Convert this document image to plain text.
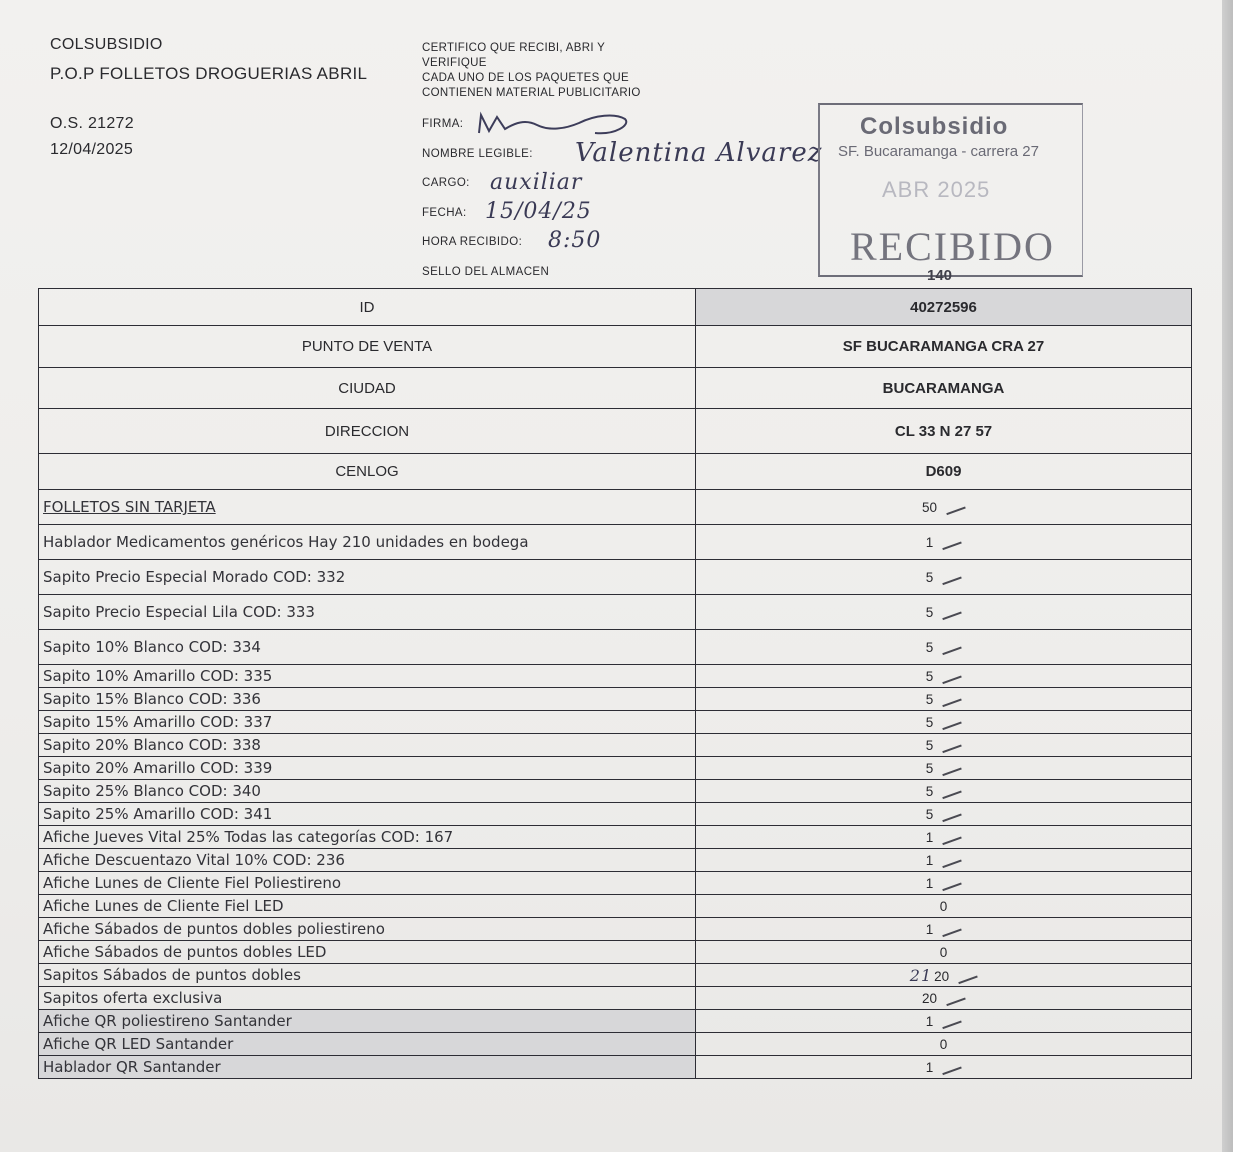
COLSUBSIDIO
P.O.P FOLLETOS DROGUERIAS ABRIL
O.S. 21272
12/04/2025
CERTIFICO QUE RECIBI, ABRI Y
VERIFIQUE
CADA UNO DE LOS PAQUETES QUE
CONTIENEN MATERIAL PUBLICITARIO
FIRMA:
NOMBRE LEGIBLE: Valentina Alvarez
CARGO: auxiliar
FECHA: 15/04/25
HORA RECIBIDO: 8:50
SELLO DEL ALMACEN
Colsubsidio
SF. Bucaramanga - carrera 27
ABR 2025
RECIBIDO
140
ID	40272596
PUNTO DE VENTA	SF BUCARAMANGA CRA 27
CIUDAD	BUCARAMANGA
DIRECCION	CL 33 N 27 57
CENLOG	D609
FOLLETOS SIN TARJETA	50
Hablador Medicamentos genéricos Hay 210 unidades en bodega	1
Sapito Precio Especial Morado COD: 332	5
Sapito Precio Especial Lila COD: 333	5
Sapito 10% Blanco COD: 334	5
Sapito 10% Amarillo COD: 335	5
Sapito 15% Blanco COD: 336	5
Sapito 15% Amarillo COD: 337	5
Sapito 20% Blanco COD: 338	5
Sapito 20% Amarillo COD: 339	5
Sapito 25% Blanco COD: 340	5
Sapito 25% Amarillo COD: 341	5
Afiche Jueves Vital 25% Todas las categorías COD: 167	1
Afiche Descuentazo Vital 10% COD: 236	1
Afiche Lunes de Cliente Fiel Poliestireno	1
Afiche Lunes de Cliente Fiel LED	0
Afiche Sábados de puntos dobles poliestireno	1
Afiche Sábados de puntos dobles LED	0
Sapitos Sábados de puntos dobles	21 20
Sapitos oferta exclusiva	20
Afiche QR poliestireno Santander	1
Afiche QR LED Santander	0
Hablador QR Santander	1
